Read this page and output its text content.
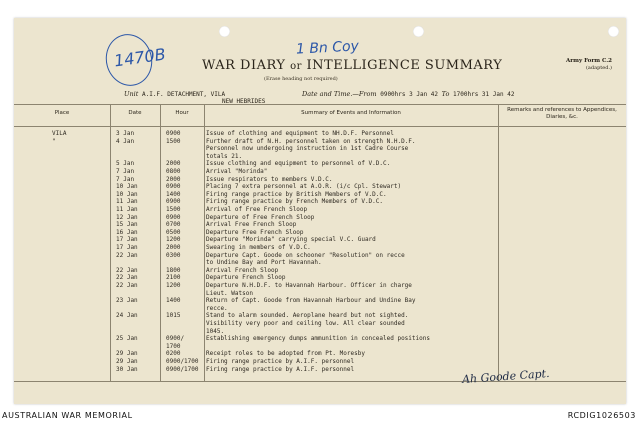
1470B	1 Bn Coy
WAR DIARY or INTELLIGENCE SUMMARY
(Erase heading not required)
Army Form C.2
(adapted.)
Unit A.I.F. DETACHMENT, VILA
NEW HEBRIDES
Date and Time.—From 0900hrs 3 Jan 42 To 1700hrs 31 Jan 42
Place	Date	Hour	Summary of Events and Information	Remarks and references to Appendices, Diaries, &c.
VILA	3 Jan	0900	Issue of clothing and equipment to NH.D.F. Personnel
"	4 Jan	1500	Further draft of N.H. personnel taken on strength N.H.D.F.
Personnel now undergoing instruction in 1st Cadre Course
totals 21.
5 Jan	2000	Issue clothing and equipment to personnel of V.D.C.
7 Jan	0800	Arrival "Morinda"
7 Jan	2000	Issue respirators to members V.D.C.
10 Jan	0900	Placing 7 extra personnel at A.O.R. (i/c Cpl. Stewart)
10 Jan	1400	Firing range practice by British Members of V.D.C.
11 Jan	0900	Firing range practice by French Members of V.D.C.
11 Jan	1500	Arrival of Free French Sloop
12 Jan	0900	Departure of Free French Sloop
15 Jan	0700	Arrival Free French Sloop
16 Jan	0500	Departure Free French Sloop
17 Jan	1200	Departure "Morinda" carrying special V.C. Guard
17 Jan	2000	Swearing in members of V.D.C.
22 Jan	0300	Departure Capt. Goode on schooner "Resolution" on recce
to Undine Bay and Port Havannah.
22 Jan	1800	Arrival French Sloop
22 Jan	2100	Departure French Sloop
22 Jan	1200	Departure N.H.D.F. to Havannah Harbour. Officer in charge
Lieut. Watson
23 Jan	1400	Return of Capt. Goode from Havannah Harbour and Undine Bay
recce.
24 Jan	1015	Stand to alarm sounded. Aeroplane heard but not sighted.
Visibility very poor and ceiling low. All clear sounded
1045.
25 Jan	0900/	Establishing emergency dumps ammunition in concealed positions
1700
29 Jan	0200	Receipt roles to be adopted from Pt. Moresby
29 Jan	0900/1700 Firing range practice by A.I.F. personnel
30 Jan	0900/1700 Firing range practice by A.I.F. personnel	Ah Goode Capt.
AUSTRALIAN WAR MEMORIAL	RCDIG1026503
